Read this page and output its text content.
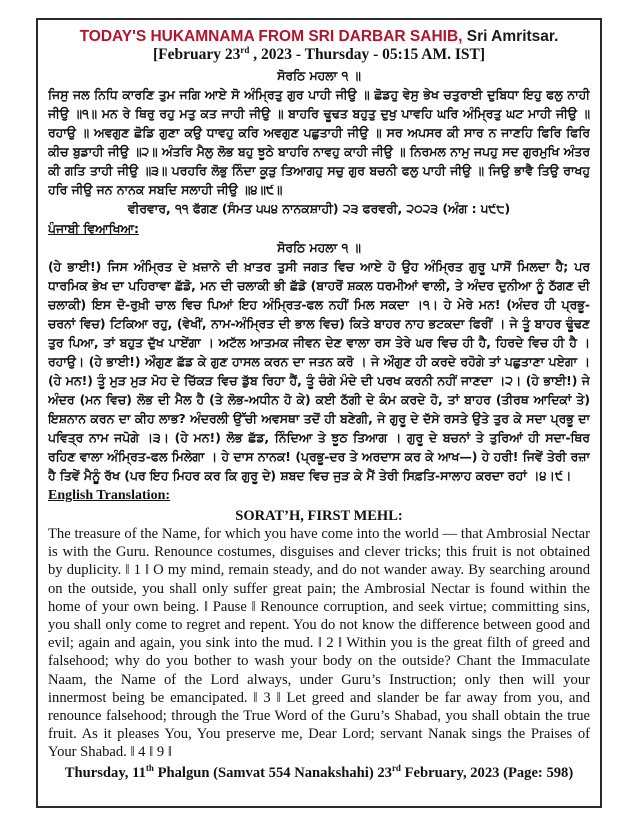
TODAY'S HUKAMNAMA FROM SRI DARBAR SAHIB, Sri Amritsar.

[February 23rd , 2023 - Thursday - 05:15 AM. IST]

ਸੋਰਠਿ ਮਹਲਾ ੧ ॥

ਜਿਸੁ ਜਲ ਨਿਧਿ ਕਾਰਣਿ ਤੁਮ ਜਗਿ ਆਏ ਸੋ ਅੰਮ੍ਰਿਤੁ ਗੁਰ ਪਾਹੀ ਜੀਉ ॥ ਛੋਡਹੁ ਵੇਸੁ ਭੇਖ ਚਤੁਰਾਈ ਦੁਬਿਧਾ ਇਹੁ ਫਲੁ ਨਾਹੀ ਜੀਉ ॥੧॥ ਮਨ ਰੇ ਥਿਰੁ ਰਹੁ ਮਤੁ ਕਤ ਜਾਹੀ ਜੀਉ ॥ ਬਾਹਰਿ ਢੂਢਤ ਬਹੁਤੁ ਦੁਖੁ ਪਾਵਹਿ ਘਰਿ ਅੰਮ੍ਰਿਤੁ ਘਟ ਮਾਹੀ ਜੀਉ ॥ ਰਹਾਉ ॥ ਅਵਗੁਣ ਛੋਡਿ ਗੁਣਾ ਕਉ ਧਾਵਹੁ ਕਰਿ ਅਵਗੁਣ ਪਛੁਤਾਹੀ ਜੀਉ ॥ ਸਰ ਅਪਸਰ ਕੀ ਸਾਰ ਨ ਜਾਣਹਿ ਫਿਰਿ ਫਿਰਿ ਕੀਚ ਬੁਡਾਹੀ ਜੀਉ ॥੨॥ ਅੰਤਰਿ ਮੈਲੁ ਲੋਭ ਬਹੁ ਝੂਠੇ ਬਾਹਰਿ ਨਾਵਹੁ ਕਾਹੀ ਜੀਉ ॥ ਨਿਰਮਲ ਨਾਮੁ ਜਪਹੁ ਸਦ ਗੁਰਮੁਖਿ ਅੰਤਰ ਕੀ ਗਤਿ ਤਾਹੀ ਜੀਉ ॥੩॥ ਪਰਹਰਿ ਲੋਭੁ ਨਿੰਦਾ ਕੂੜੁ ਤਿਆਗਹੁ ਸਚੁ ਗੁਰ ਬਚਨੀ ਫਲੁ ਪਾਹੀ ਜੀਉ ॥ ਜਿਉ ਭਾਵੈ ਤਿਉ ਰਾਖਹੁ ਹਰਿ ਜੀਉ ਜਨ ਨਾਨਕ ਸਬਦਿ ਸਲਾਹੀ ਜੀਉ ॥੪॥੯॥

ਵੀਰਵਾਰ, ੧੧ ਫੱਗਣ (ਸੰਮਤ ੫੫੪ ਨਾਨਕਸ਼ਾਹੀ) ੨੩ ਫਰਵਰੀ, ੨੦੨੩ (ਅੰਗ : ੫੯੮)

ਪੰਜਾਬੀ ਵਿਆਖਿਆ:

ਸੋਰਠਿ ਮਹਲਾ ੧ ॥

(ਹੇ ਭਾਈ!) ਜਿਸ ਅੰਮ੍ਰਿਤ ਦੇ ਖ਼ਜ਼ਾਨੇ ਦੀ ਖ਼ਾਤਰ ਤੁਸੀ ਜਗਤ ਵਿਚ ਆਏ ਹੋ ਉਹ ਅੰਮ੍ਰਿਤ ਗੁਰੂ ਪਾਸੋਂ ਮਿਲਦਾ ਹੈ; ਪਰ ਧਾਰਮਿਕ ਭੇਖ ਦਾ ਪਹਿਰਾਵਾ ਛੱਡੋ, ਮਨ ਦੀ ਚਲਾਕੀ ਭੀ ਛੱਡੋ (ਬਾਹਰੋਂ ਸ਼ਕਲ ਧਰਮੀਆਂ ਵਾਲੀ, ਤੇ ਅੰਦਰ ਦੁਨੀਆ ਨੂੰ ਠੱਗਣ ਦੀ ਚਲਾਕੀ) ਇਸ ਦੋ-ਰੁਖ਼ੀ ਚਾਲ ਵਿਚ ਪਿਆਂ ਇਹ ਅੰਮ੍ਰਿਤ-ਫਲ ਨਹੀਂ ਮਿਲ ਸਕਦਾ ।੧। ਹੇ ਮੇਰੇ ਮਨ! (ਅੰਦਰ ਹੀ ਪ੍ਰਭੂ-ਚਰਨਾਂ ਵਿਚ) ਟਿਕਿਆ ਰਹੁ, (ਵੇਖੀਂ, ਨਾਮ-ਅੰਮ੍ਰਿਤ ਦੀ ਭਾਲ ਵਿਚ) ਕਿਤੇ ਬਾਹਰ ਨਾਹ ਭਟਕਦਾ ਫਿਰੀਂ । ਜੇ ਤੂੰ ਬਾਹਰ ਢੂੰਢਣ ਤੁਰ ਪਿਆ, ਤਾਂ ਬਹੁਤ ਦੁੱਖ ਪਾਏਂਗਾ । ਅਟੱਲ ਆਤਮਕ ਜੀਵਨ ਦੇਣ ਵਾਲਾ ਰਸ ਤੇਰੇ ਘਰ ਵਿਚ ਹੀ ਹੈ, ਹਿਰਦੇ ਵਿਚ ਹੀ ਹੈ ।ਰਹਾਉ। (ਹੇ ਭਾਈ!) ਔਗੁਣ ਛੱਡ ਕੇ ਗੁਣ ਹਾਸਲ ਕਰਨ ਦਾ ਜਤਨ ਕਰੋ । ਜੇ ਔਗੁਣ ਹੀ ਕਰਦੇ ਰਹੋਗੇ ਤਾਂ ਪਛੁਤਾਣਾ ਪਏਗਾ । (ਹੇ ਮਨ!) ਤੂੰ ਮੁੜ ਮੁੜ ਮੋਹ ਦੇ ਚਿੱਕੜ ਵਿਚ ਡੁੱਬ ਰਿਹਾ ਹੈਂ, ਤੂੰ ਚੰਗੇ ਮੰਦੇ ਦੀ ਪਰਖ ਕਰਨੀ ਨਹੀਂ ਜਾਣਦਾ ।੨। (ਹੇ ਭਾਈ!) ਜੇ ਅੰਦਰ (ਮਨ ਵਿਚ) ਲੋਭ ਦੀ ਮੈਲ ਹੈ (ਤੇ ਲੋਭ-ਅਧੀਨ ਹੋ ਕੇ) ਕਈ ਠੱਗੀ ਦੇ ਕੰਮ ਕਰਦੇ ਹੋ, ਤਾਂ ਬਾਹਰ (ਤੀਰਥ ਆਦਿਕਾਂ ਤੇ) ਇਸ਼ਨਾਨ ਕਰਨ ਦਾ ਕੀਹ ਲਾਭ? ਅੰਦਰਲੀ ਉੱਚੀ ਅਵਸਥਾ ਤਦੋਂ ਹੀ ਬਣੇਗੀ, ਜੇ ਗੁਰੂ ਦੇ ਦੱਸੇ ਰਸਤੇ ਉਤੇ ਤੁਰ ਕੇ ਸਦਾ ਪ੍ਰਭੂ ਦਾ ਪਵਿਤ੍ਰ ਨਾਮ ਜਪੋਗੇ ।੩। (ਹੇ ਮਨ!) ਲੋਭ ਛੱਡ, ਨਿੰਦਿਆ ਤੇ ਝੂਠ ਤਿਆਗ । ਗੁਰੂ ਦੇ ਬਚਨਾਂ ਤੇ ਤੁਰਿਆਂ ਹੀ ਸਦਾ-ਥਿਰ ਰਹਿਣ ਵਾਲਾ ਅੰਮ੍ਰਿਤ-ਫਲ ਮਿਲੇਗਾ । ਹੇ ਦਾਸ ਨਾਨਕ! (ਪ੍ਰਭੂ-ਦਰ ਤੇ ਅਰਦਾਸ ਕਰ ਕੇ ਆਖ—) ਹੇ ਹਰੀ! ਜਿਵੇਂ ਤੇਰੀ ਰਜ਼ਾ ਹੈ ਤਿਵੇਂ ਮੈਨੂੰ ਰੱਖ (ਪਰ ਇਹ ਮਿਹਰ ਕਰ ਕਿ ਗੁਰੂ ਦੇ) ਸ਼ਬਦ ਵਿਚ ਜੁੜ ਕੇ ਮੈਂ ਤੇਰੀ ਸਿਫ਼ਤਿ-ਸਾਲਾਹ ਕਰਦਾ ਰਹਾਂ ।੪।੯।

English Translation:

SORAT’H, FIRST MEHL:

The treasure of the Name, for which you have come into the world — that Ambrosial Nectar is with the Guru. Renounce costumes, disguises and clever tricks; this fruit is not obtained by duplicity. ‖ 1 ‖ O my mind, remain steady, and do not wander away. By searching around on the outside, you shall only suffer great pain; the Ambrosial Nectar is found within the home of your own being. ‖ Pause ‖ Renounce corruption, and seek virtue; committing sins, you shall only come to regret and repent. You do not know the difference between good and evil; again and again, you sink into the mud. ‖ 2 ‖ Within you is the great filth of greed and falsehood; why do you bother to wash your body on the outside? Chant the Immaculate Naam, the Name of the Lord always, under Guru’s Instruction; only then will your innermost being be emancipated. ‖ 3 ‖ Let greed and slander be far away from you, and renounce falsehood; through the True Word of the Guru’s Shabad, you shall obtain the true fruit. As it pleases You, You preserve me, Dear Lord; servant Nanak sings the Praises of Your Shabad. ‖ 4 ‖ 9 ‖

Thursday, 11th Phalgun (Samvat 554 Nanakshahi) 23rd February, 2023 (Page: 598)
